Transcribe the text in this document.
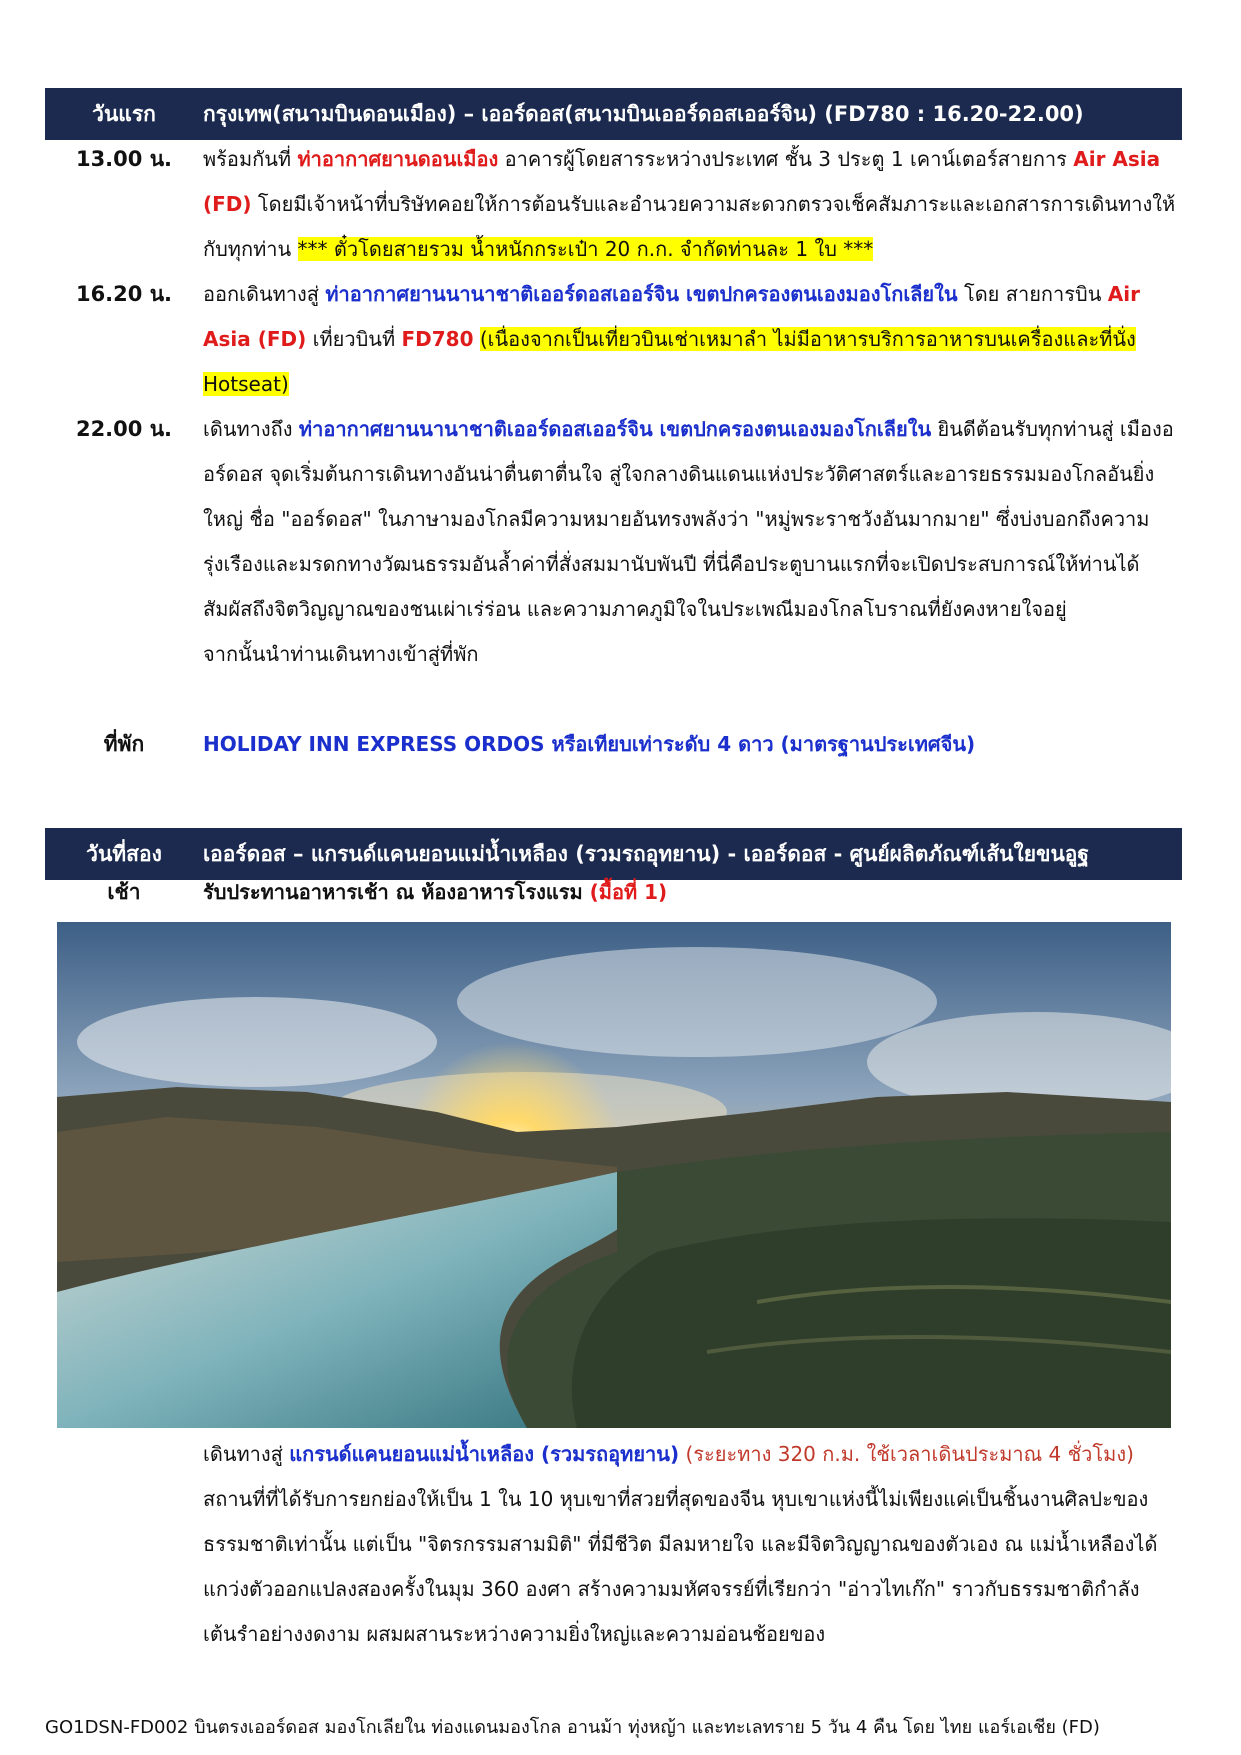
วันแรก	กรุงเทพ(สนามบินดอนเมือง) – เออร์ดอส(สนามบินเออร์ดอสเออร์จิน) (FD780 : 16.20-22.00)
13.00 น.	พร้อมกันที่ ท่าอากาศยานดอนเมือง อาคารผู้โดยสารระหว่างประเทศ ชั้น 3 ประตู 1 เคาน์เตอร์สายการ Air Asia (FD) โดยมีเจ้าหน้าที่บริษัทคอยให้การต้อนรับและอำนวยความสะดวกตรวจเช็คสัมภาระและเอกสารการเดินทางให้กับทุกท่าน *** ตั๋วโดยสายรวม น้ำหนักกระเป๋า 20 ก.ก. จำกัดท่านละ 1 ใบ ***
16.20 น.	ออกเดินทางสู่ ท่าอากาศยานนานาชาติเออร์ดอสเออร์จิน เขตปกครองตนเองมองโกเลียใน โดย สายการบิน Air Asia (FD) เที่ยวบินที่ FD780 (เนื่องจากเป็นเที่ยวบินเช่าเหมาลำ ไม่มีอาหารบริการอาหารบนเครื่องและที่นั่ง Hotseat)
22.00 น.	เดินทางถึง ท่าอากาศยานนานาชาติเออร์ดอสเออร์จิน เขตปกครองตนเองมองโกเลียใน ยินดีต้อนรับทุกท่านสู่ เมืองออร์ดอส จุดเริ่มต้นการเดินทางอันน่าตื่นตาตื่นใจ สู่ใจกลางดินแดนแห่งประวัติศาสตร์และอารยธรรมมองโกลอันยิ่งใหญ่ ชื่อ "ออร์ดอส" ในภาษามองโกลมีความหมายอันทรงพลังว่า "หมู่พระราชวังอันมากมาย" ซึ่งบ่งบอกถึงความรุ่งเรืองและมรดกทางวัฒนธรรมอันล้ำค่าที่สั่งสมมานับพันปี ที่นี่คือประตูบานแรกที่จะเปิดประสบการณ์ให้ท่านได้สัมผัสถึงจิตวิญญาณของชนเผ่าเร่ร่อน และความภาคภูมิใจในประเพณีมองโกลโบราณที่ยังคงหายใจอยู่
จากนั้นนำท่านเดินทางเข้าสู่ที่พัก
ที่พัก	HOLIDAY INN EXPRESS ORDOS หรือเทียบเท่าระดับ 4 ดาว (มาตรฐานประเทศจีน)
วันที่สอง	เออร์ดอส – แกรนด์แคนยอนแม่น้ำเหลือง (รวมรถอุทยาน) - เออร์ดอส - ศูนย์ผลิตภัณฑ์เส้นใยขนอูฐ
เช้า	รับประทานอาหารเช้า ณ ห้องอาหารโรงแรม (มื้อที่ 1)
เดินทางสู่ แกรนด์แคนยอนแม่น้ำเหลือง (รวมรถอุทยาน) (ระยะทาง 320 ก.ม. ใช้เวลาเดินประมาณ 4 ชั่วโมง) สถานที่ที่ได้รับการยกย่องให้เป็น 1 ใน 10 หุบเขาที่สวยที่สุดของจีน หุบเขาแห่งนี้ไม่เพียงแค่เป็นชิ้นงานศิลปะของธรรมชาติเท่านั้น แต่เป็น "จิตรกรรมสามมิติ" ที่มีชีวิต มีลมหายใจ และมีจิตวิญญาณของตัวเอง ณ แม่น้ำเหลืองได้แกว่งตัวออกแปลงสองครั้งในมุม 360 องศา สร้างความมหัศจรรย์ที่เรียกว่า "อ่าวไทเก๊ก" ราวกับธรรมชาติกำลังเต้นรำอย่างงดงาม ผสมผสานระหว่างความยิ่งใหญ่และความอ่อนช้อยของ
GO1DSN-FD002 บินตรงเออร์ดอส มองโกเลียใน ท่องแดนมองโกล อานม้า ทุ่งหญ้า และทะเลทราย 5 วัน 4 คืน โดย ไทย แอร์เอเชีย (FD)
